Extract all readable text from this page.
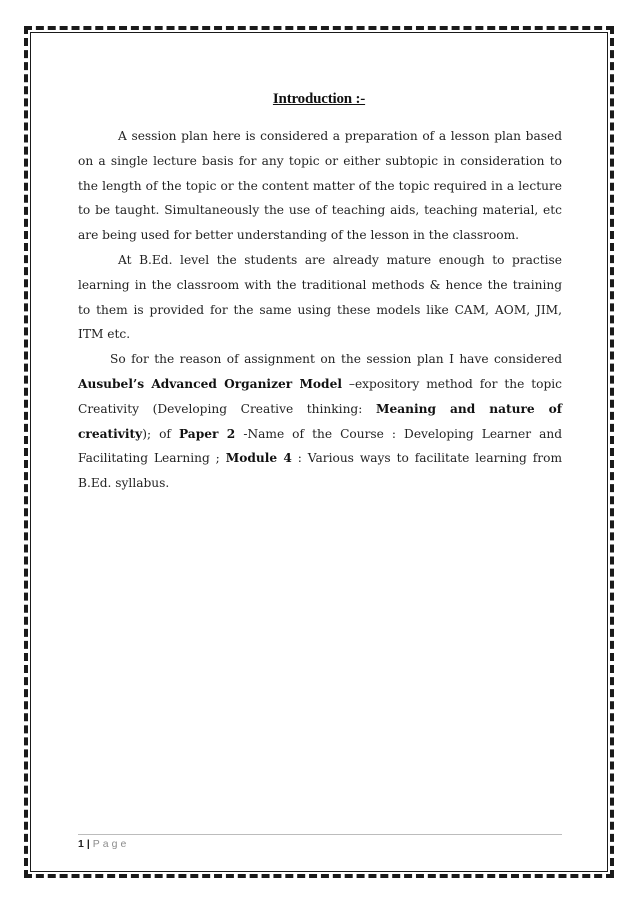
Introduction :-

A session plan here is considered a preparation of a lesson plan based on a single lecture basis for any topic or either subtopic in consideration to the length of the topic or the content matter of the topic required in a lecture to be taught. Simultaneously the use of teaching aids, teaching material, etc are being used for better understanding of the lesson in the classroom.

At B.Ed. level the students are already mature enough to practise learning in the classroom with the traditional methods & hence the training to them is provided for the same using these models like CAM, AOM, JIM, ITM etc.

So for the reason of assignment on the session plan I have considered Ausubel’s Advanced Organizer Model –expository method for the topic Creativity (Developing Creative thinking: Meaning and nature of creativity); of Paper 2 -Name of the Course : Developing Learner and Facilitating Learning ; Module 4 : Various ways to facilitate learning from B.Ed. syllabus.

1 | Page
